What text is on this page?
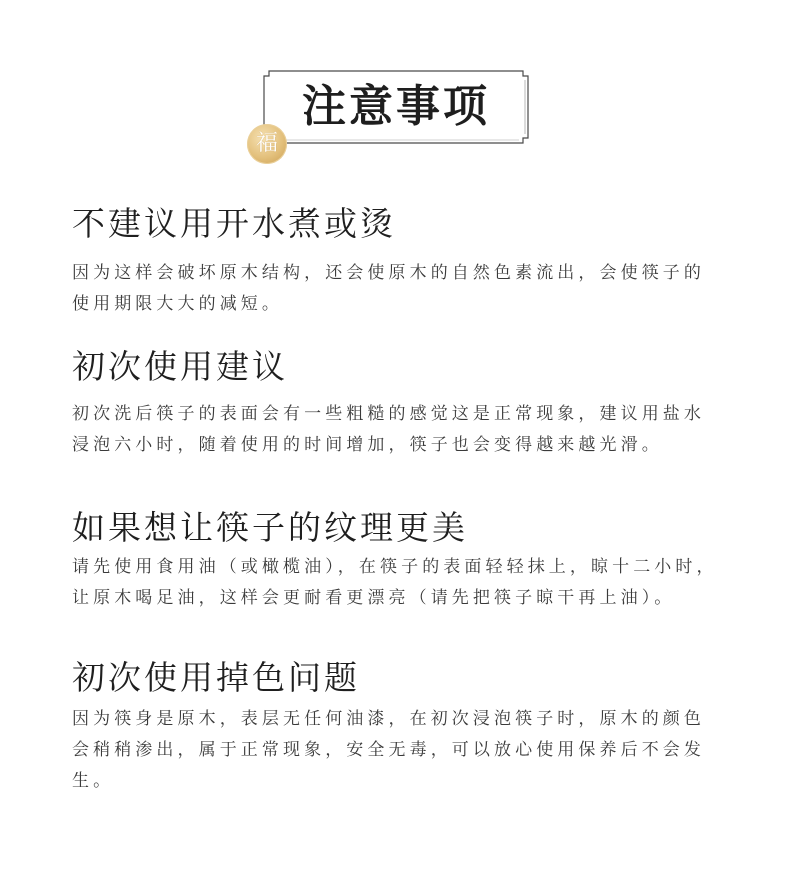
注意事项
福
不建议用开水煮或烫

因为这样会破坏原木结构，还会使原木的自然色素流出，会使筷子的使用期限大大的减短。

初次使用建议

初次洗后筷子的表面会有一些粗糙的感觉这是正常现象，建议用盐水浸泡六小时，随着使用的时间增加，筷子也会变得越来越光滑。

如果想让筷子的纹理更美

请先使用食用油（或橄榄油），在筷子的表面轻轻抹上，晾十二小时，让原木喝足油，这样会更耐看更漂亮（请先把筷子晾干再上油）。

初次使用掉色问题

因为筷身是原木，表层无任何油漆，在初次浸泡筷子时，原木的颜色会稍稍渗出，属于正常现象，安全无毒，可以放心使用保养后不会发生。
